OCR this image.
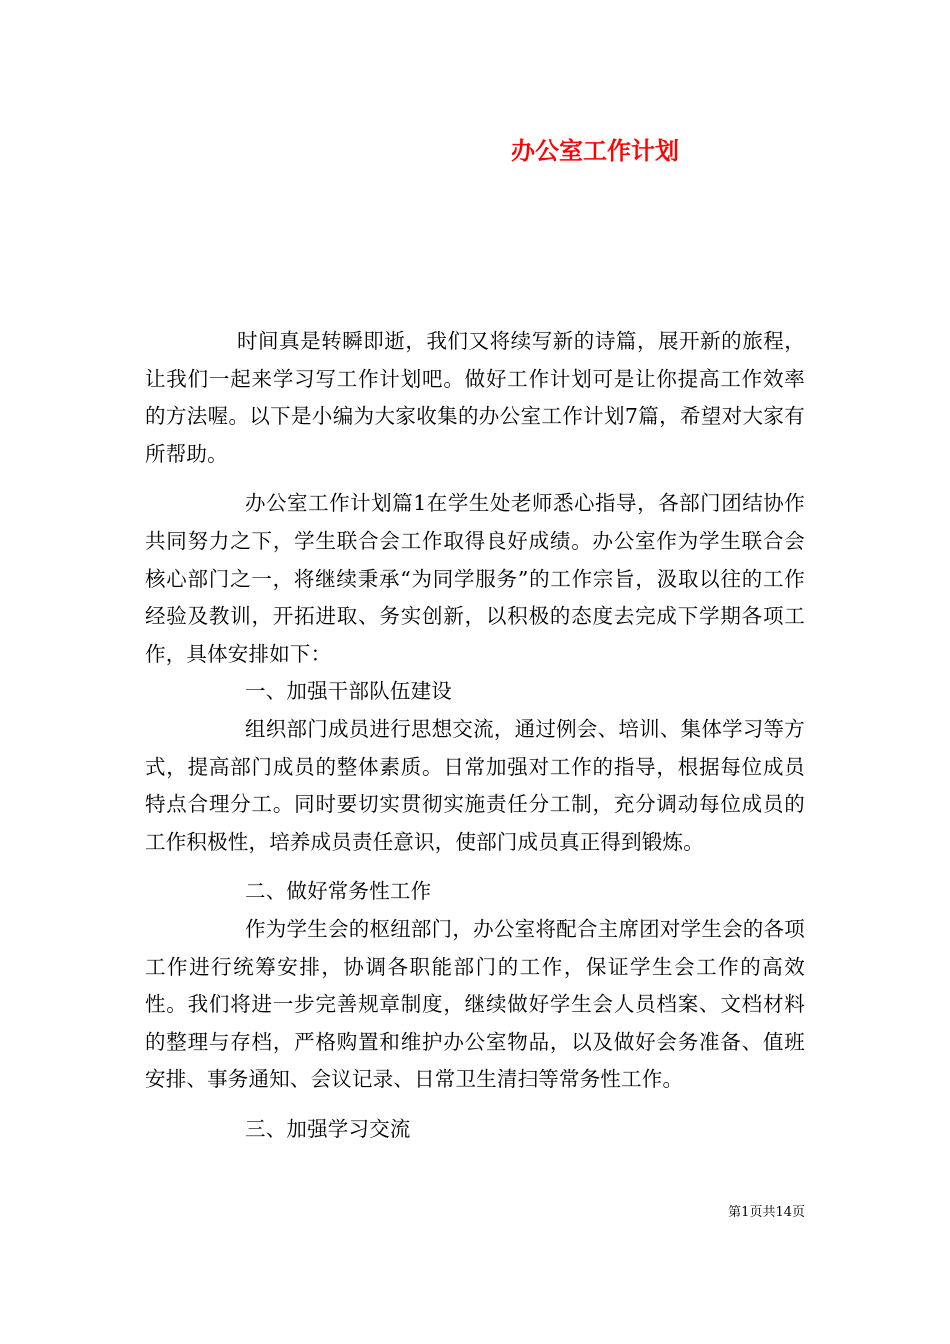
办公室工作计划

时间真是转瞬即逝，我们又将续写新的诗篇，展开新的旅程，让我们一起来学习写工作计划吧。做好工作计划可是让你提高工作效率的方法喔。以下是小编为大家收集的办公室工作计划7篇，希望对大家有所帮助。

办公室工作计划篇1在学生处老师悉心指导，各部门团结协作共同努力之下，学生联合会工作取得良好成绩。办公室作为学生联合会核心部门之一，将继续秉承“为同学服务”的工作宗旨，汲取以往的工作经验及教训，开拓进取、务实创新，以积极的态度去完成下学期各项工作，具体安排如下：

一、加强干部队伍建设

组织部门成员进行思想交流，通过例会、培训、集体学习等方式，提高部门成员的整体素质。日常加强对工作的指导，根据每位成员特点合理分工。同时要切实贯彻实施责任分工制，充分调动每位成员的工作积极性，培养成员责任意识，使部门成员真正得到锻炼。

二、做好常务性工作

作为学生会的枢纽部门，办公室将配合主席团对学生会的各项工作进行统筹安排，协调各职能部门的工作，保证学生会工作的高效性。我们将进一步完善规章制度，继续做好学生会人员档案、文档材料的整理与存档，严格购置和维护办公室物品，以及做好会务准备、值班安排、事务通知、会议记录、日常卫生清扫等常务性工作。

三、加强学习交流

第1页共14页
